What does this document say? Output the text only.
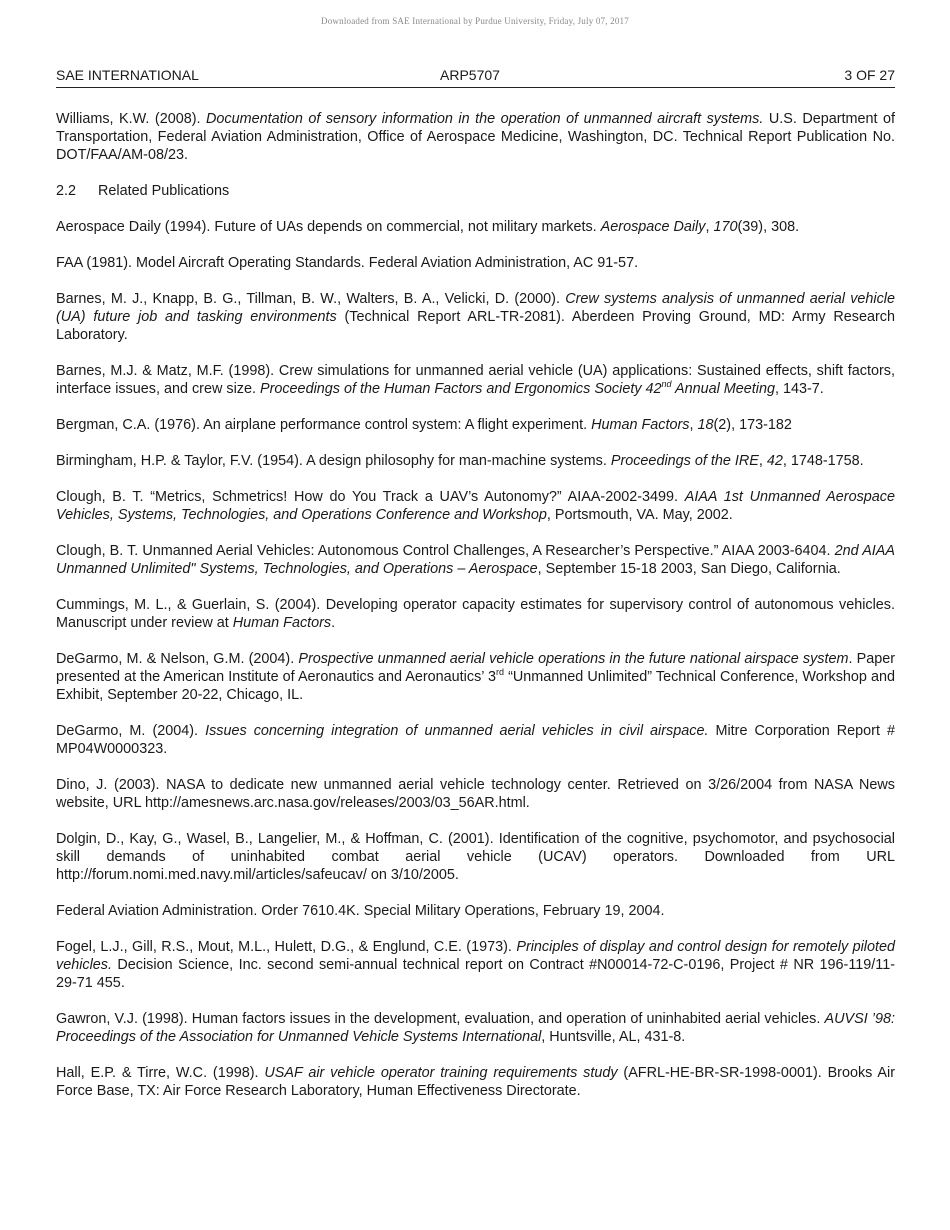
Downloaded from SAE International by Purdue University, Friday, July 07, 2017
SAE INTERNATIONAL	ARP5707	3 OF 27

Williams, K.W. (2008). Documentation of sensory information in the operation of unmanned aircraft systems. U.S. Department of Transportation, Federal Aviation Administration, Office of Aerospace Medicine, Washington, DC. Technical Report Publication No. DOT/FAA/AM-08/23.

2.2 Related Publications

Aerospace Daily (1994). Future of UAs depends on commercial, not military markets. Aerospace Daily, 170(39), 308.

FAA (1981). Model Aircraft Operating Standards. Federal Aviation Administration, AC 91-57.

Barnes, M. J., Knapp, B. G., Tillman, B. W., Walters, B. A., Velicki, D. (2000). Crew systems analysis of unmanned aerial vehicle (UA) future job and tasking environments (Technical Report ARL-TR-2081). Aberdeen Proving Ground, MD: Army Research Laboratory.

Barnes, M.J. & Matz, M.F. (1998). Crew simulations for unmanned aerial vehicle (UA) applications: Sustained effects, shift factors, interface issues, and crew size. Proceedings of the Human Factors and Ergonomics Society 42nd Annual Meeting, 143-7.

Bergman, C.A. (1976). An airplane performance control system: A flight experiment. Human Factors, 18(2), 173-182

Birmingham, H.P. & Taylor, F.V. (1954). A design philosophy for man-machine systems. Proceedings of the IRE, 42, 1748-1758.

Clough, B. T. “Metrics, Schmetrics! How do You Track a UAV’s Autonomy?” AIAA-2002-3499. AIAA 1st Unmanned Aerospace Vehicles, Systems, Technologies, and Operations Conference and Workshop, Portsmouth, VA. May, 2002.

Clough, B. T. Unmanned Aerial Vehicles: Autonomous Control Challenges, A Researcher’s Perspective.” AIAA 2003-6404. 2nd AIAA Unmanned Unlimited" Systems, Technologies, and Operations – Aerospace, September 15-18 2003, San Diego, California.

Cummings, M. L., & Guerlain, S. (2004). Developing operator capacity estimates for supervisory control of autonomous vehicles. Manuscript under review at Human Factors.

DeGarmo, M. & Nelson, G.M. (2004). Prospective unmanned aerial vehicle operations in the future national airspace system. Paper presented at the American Institute of Aeronautics and Aeronautics’ 3rd “Unmanned Unlimited” Technical Conference, Workshop and Exhibit, September 20-22, Chicago, IL.

DeGarmo, M. (2004). Issues concerning integration of unmanned aerial vehicles in civil airspace. Mitre Corporation Report # MP04W0000323.

Dino, J. (2003). NASA to dedicate new unmanned aerial vehicle technology center. Retrieved on 3/26/2004 from NASA News website, URL http://amesnews.arc.nasa.gov/releases/2003/03_56AR.html.

Dolgin, D., Kay, G., Wasel, B., Langelier, M., & Hoffman, C. (2001). Identification of the cognitive, psychomotor, and psychosocial skill demands of uninhabited combat aerial vehicle (UCAV) operators. Downloaded from URL http://forum.nomi.med.navy.mil/articles/safeucav/ on 3/10/2005.

Federal Aviation Administration. Order 7610.4K. Special Military Operations, February 19, 2004.

Fogel, L.J., Gill, R.S., Mout, M.L., Hulett, D.G., & Englund, C.E. (1973). Principles of display and control design for remotely piloted vehicles. Decision Science, Inc. second semi-annual technical report on Contract #N00014-72-C-0196, Project # NR 196-119/11-29-71 455.

Gawron, V.J. (1998). Human factors issues in the development, evaluation, and operation of uninhabited aerial vehicles. AUVSI ’98: Proceedings of the Association for Unmanned Vehicle Systems International, Huntsville, AL, 431-8.

Hall, E.P. & Tirre, W.C. (1998). USAF air vehicle operator training requirements study (AFRL-HE-BR-SR-1998-0001). Brooks Air Force Base, TX: Air Force Research Laboratory, Human Effectiveness Directorate.
